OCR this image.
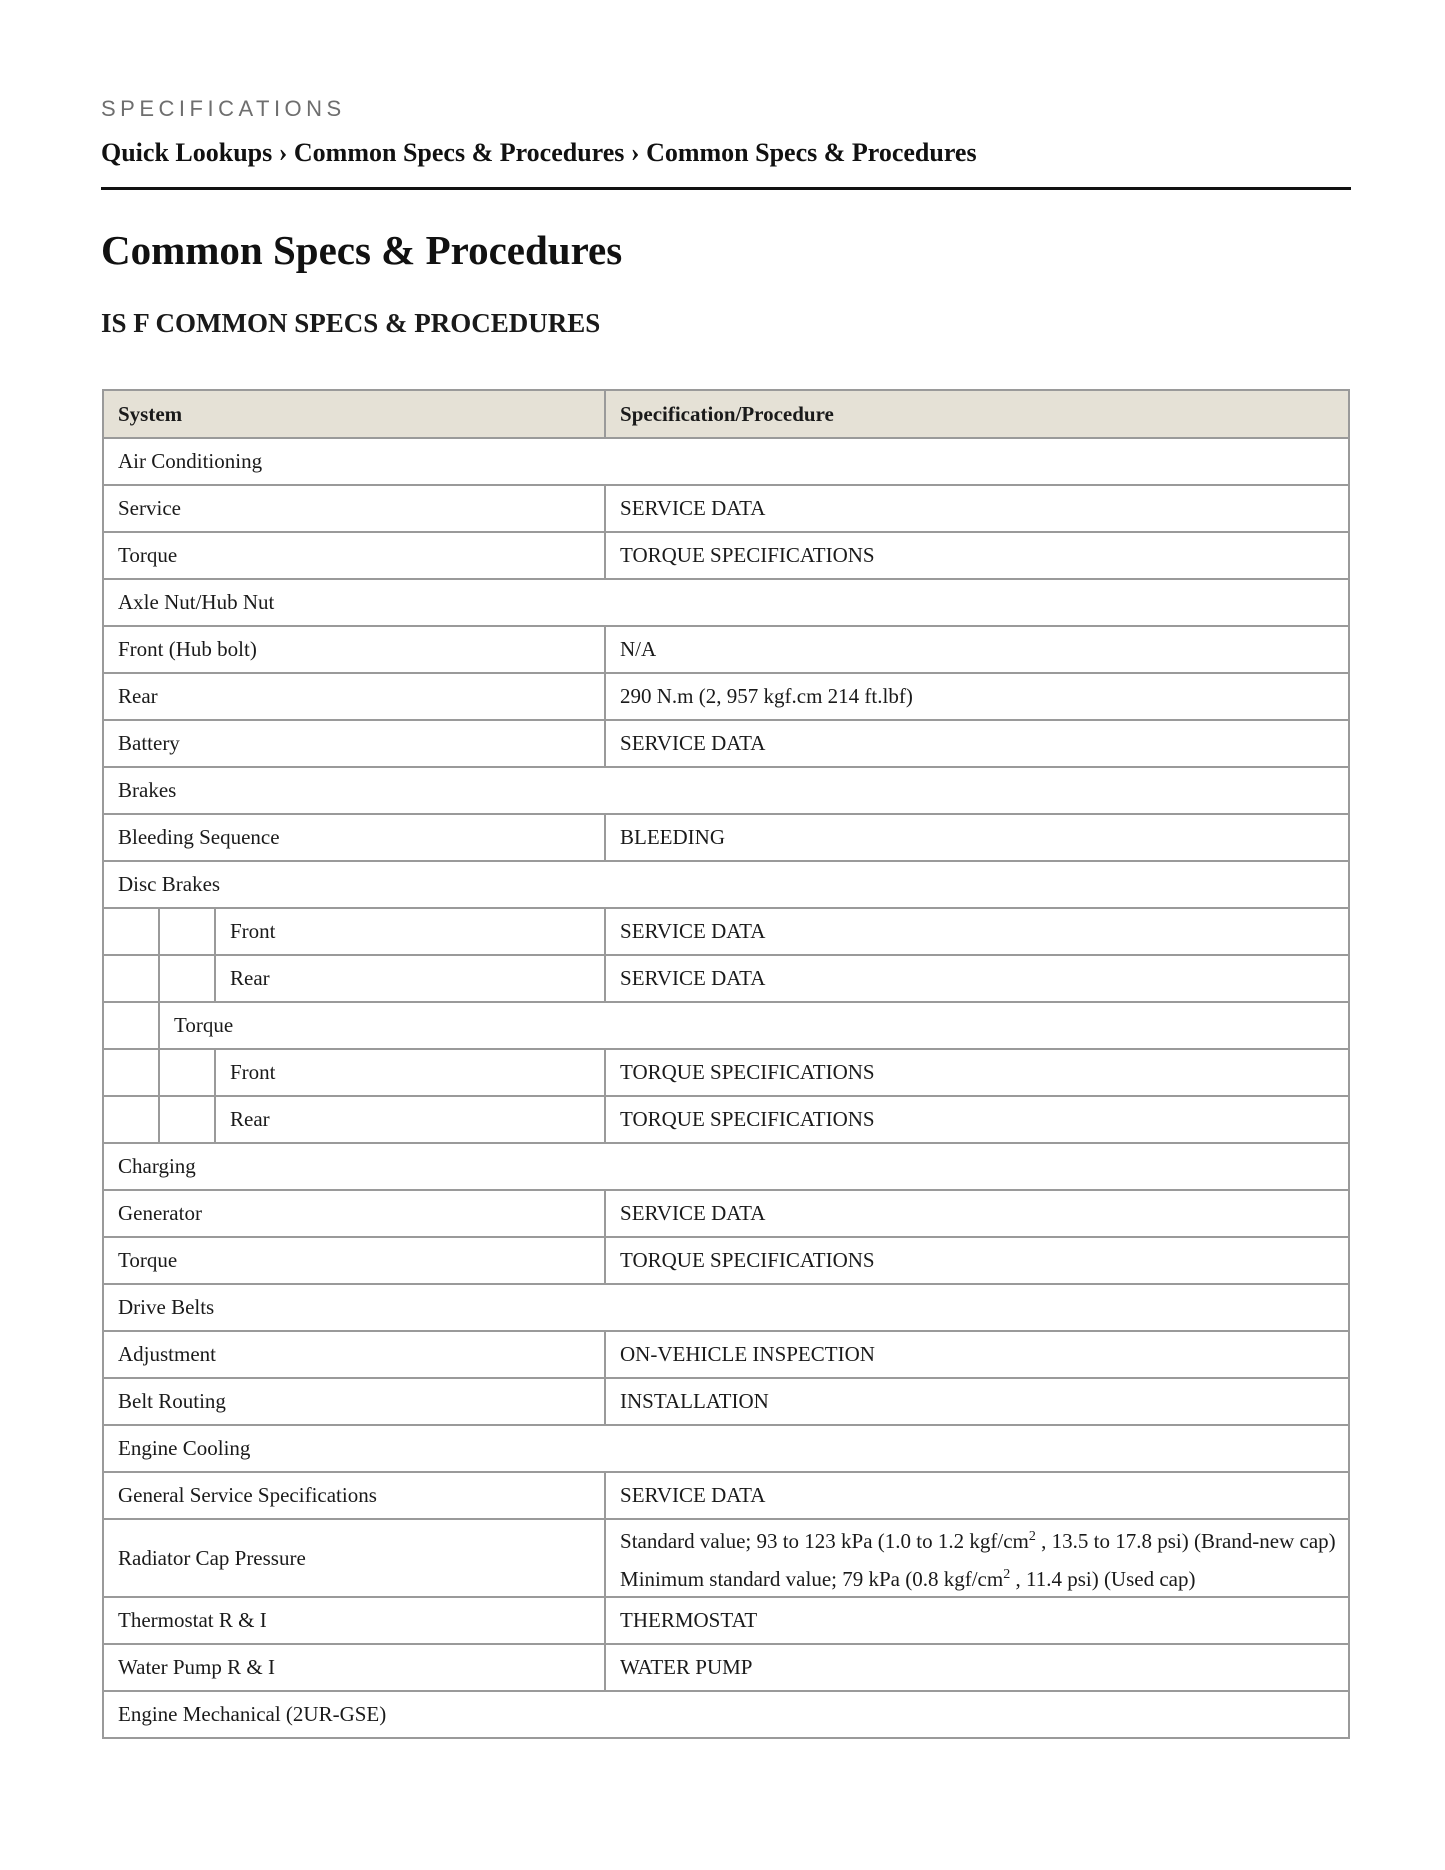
SPECIFICATIONS
Quick Lookups › Common Specs & Procedures › Common Specs & Procedures
Common Specs & Procedures
IS F COMMON SPECS & PROCEDURES
System			Specification/Procedure
Air Conditioning			
Service			SERVICE DATA
Torque			TORQUE SPECIFICATIONS
Axle Nut/Hub Nut			
Front (Hub bolt)			N/A
Rear			290 N.m (2, 957 kgf.cm 214 ft.lbf)
Battery			SERVICE DATA
Brakes			
Bleeding Sequence			BLEEDING
Disc Brakes			
		Front	SERVICE DATA
		Rear	SERVICE DATA
	Torque		
		Front	TORQUE SPECIFICATIONS
		Rear	TORQUE SPECIFICATIONS
Charging			
Generator			SERVICE DATA
Torque			TORQUE SPECIFICATIONS
Drive Belts			
Adjustment			ON-VEHICLE INSPECTION
Belt Routing			INSTALLATION
Engine Cooling			
General Service Specifications			SERVICE DATA
Radiator Cap Pressure			Standard value; 93 to 123 kPa (1.0 to 1.2 kgf/$cm^2$ , 13.5 to 17.8 psi) (Brand-new cap)
Minimum standard value; 79 kPa (0.8 kgf/$cm^2$ , 11.4 psi) (Used cap)

Thermostat R & I			THERMOSTAT
Water Pump R & I			WATER PUMP
Engine Mechanical (2UR-GSE)			
